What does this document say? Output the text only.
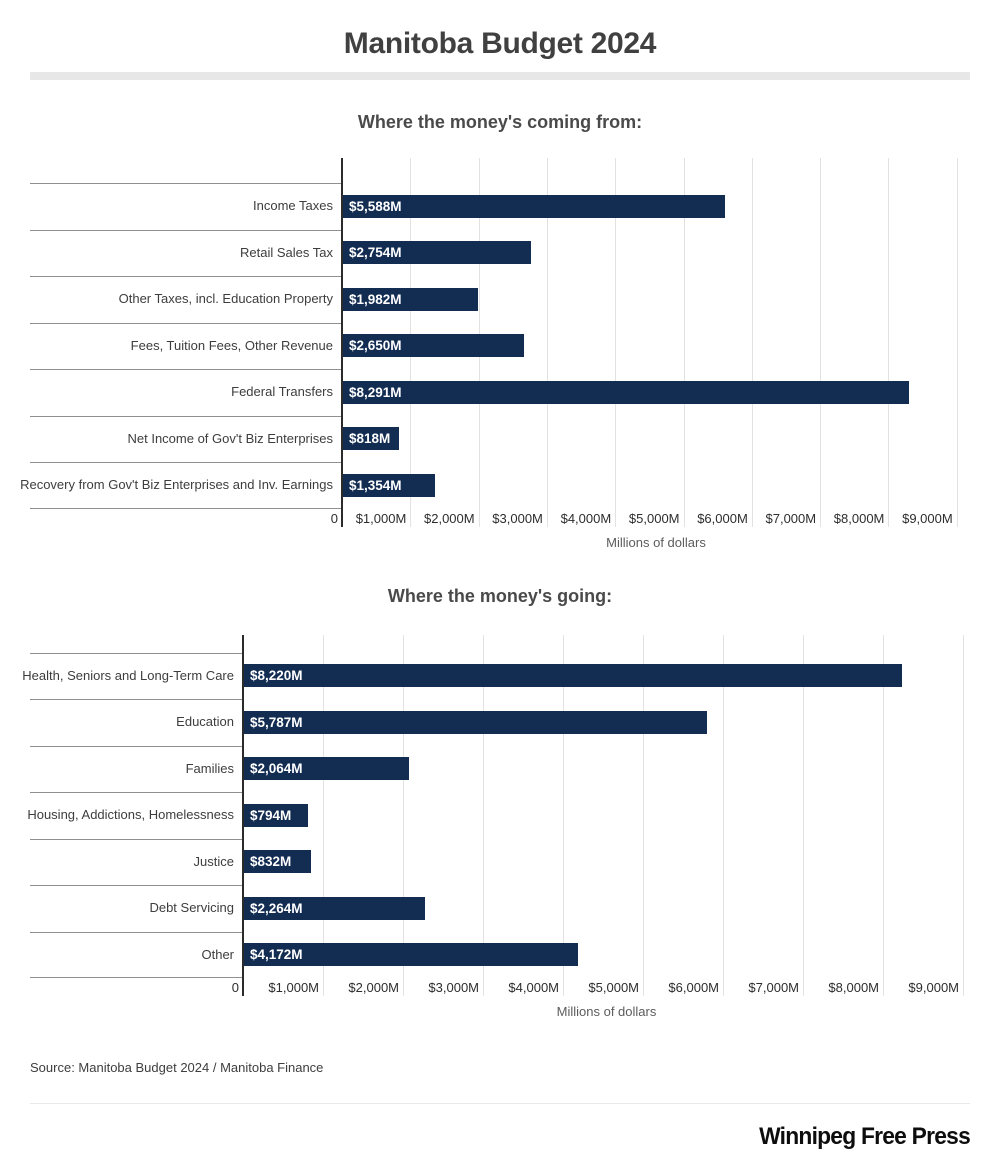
Manitoba Budget 2024
Where the money's coming from:
Income Taxes	$5,588M
Retail Sales Tax	$2,754M
Other Taxes, incl. Education Property	$1,982M
Fees, Tuition Fees, Other Revenue	$2,650M
Federal Transfers	$8,291M
Net Income of Gov't Biz Enterprises	$818M
Recovery from Gov't Biz Enterprises and Inv. Earnings	$1,354M
0	$1,000M	$2,000M	$3,000M	$4,000M	$5,000M	$6,000M	$7,000M	$8,000M	$9,000M
Millions of dollars
Where the money's going:
Health, Seniors and Long-Term Care	$8,220M
Education	$5,787M
Families	$2,064M
Housing, Addictions, Homelessness	$794M
Justice	$832M
Debt Servicing	$2,264M
Other	$4,172M
0	$1,000M	$2,000M	$3,000M	$4,000M	$5,000M	$6,000M	$7,000M	$8,000M	$9,000M
Millions of dollars
Source: Manitoba Budget 2024 / Manitoba Finance
Winnipeg Free Press
